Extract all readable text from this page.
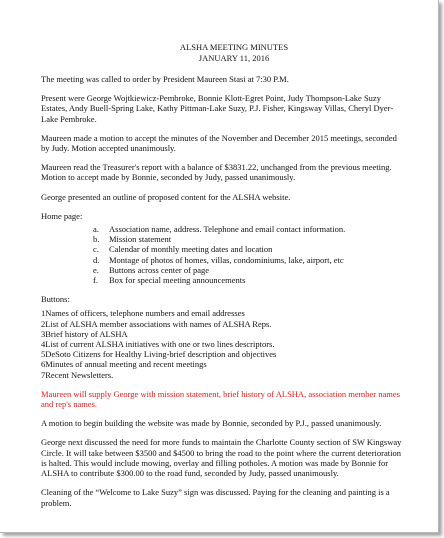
ALSHA MEETING MINUTES
JANUARY 11, 2016

The meeting was called to order by President Maureen Stasi at 7:30 P.M.

Present were George Wojtkiewicz-Pembroke, Bonnie Klott-Egret Point, Judy Thompson-Lake Suzy Estates, Andy Buell-Spring Lake, Kathy Pittman-Lake Suzy, P.J. Fisher, Kingsway Villas, Cheryl Dyer- Lake Pembroke.

Maureen made a motion to accept the minutes of the November and December 2015 meetings, seconded by Judy. Motion accepted unanimously.

Maureen read the Treasurer's report with a balance of $3831.22, unchanged from the previous meeting. Motion to accept made by Bonnie, seconded by Judy, passed unanimously.

George presented an outline of proposed content for the ALSHA website.

Home page:
a.	Association name, address. Telephone and email contact information.
b.	Mission statement
c.	Calendar of monthly meeting dates and location
d.	Montage of photos of homes, villas, condominiums, lake, airport, etc
e.	Buttons across center of page
f.	Box for special meeting announcements
Buttons:
1Names of officers, telephone numbers and email addresses
2List of ALSHA member associations with names of ALSHA Reps.
3Brief history of ALSHA
4List of current ALSHA initiatives with one or two lines descriptors.
5DeSoto Citizens for Healthy Living-brief description and objectives
6Minutes of annual meeting and recent meetings
7Recent Newsletters.

Maureen will supply George with mission statement, brief history of ALSHA, association member names and rep's names.

A motion to begin building the website was made by Bonnie, seconded by P.J., passed unanimously.

George next discussed the need for more funds to maintain the Charlotte County section of SW Kingsway Circle. It will take between $3500 and $4500 to bring the road to the point where the current deterioration is halted. This would include mowing, overlay and filling potholes. A motion was made by Bonnie for ALSHA to contribute $300.00 to the road fund, seconded by Judy, passed unanimously.

Cleaning of the “Welcome to Lake Suzy” sign was discussed. Paying for the cleaning and painting is a problem.
